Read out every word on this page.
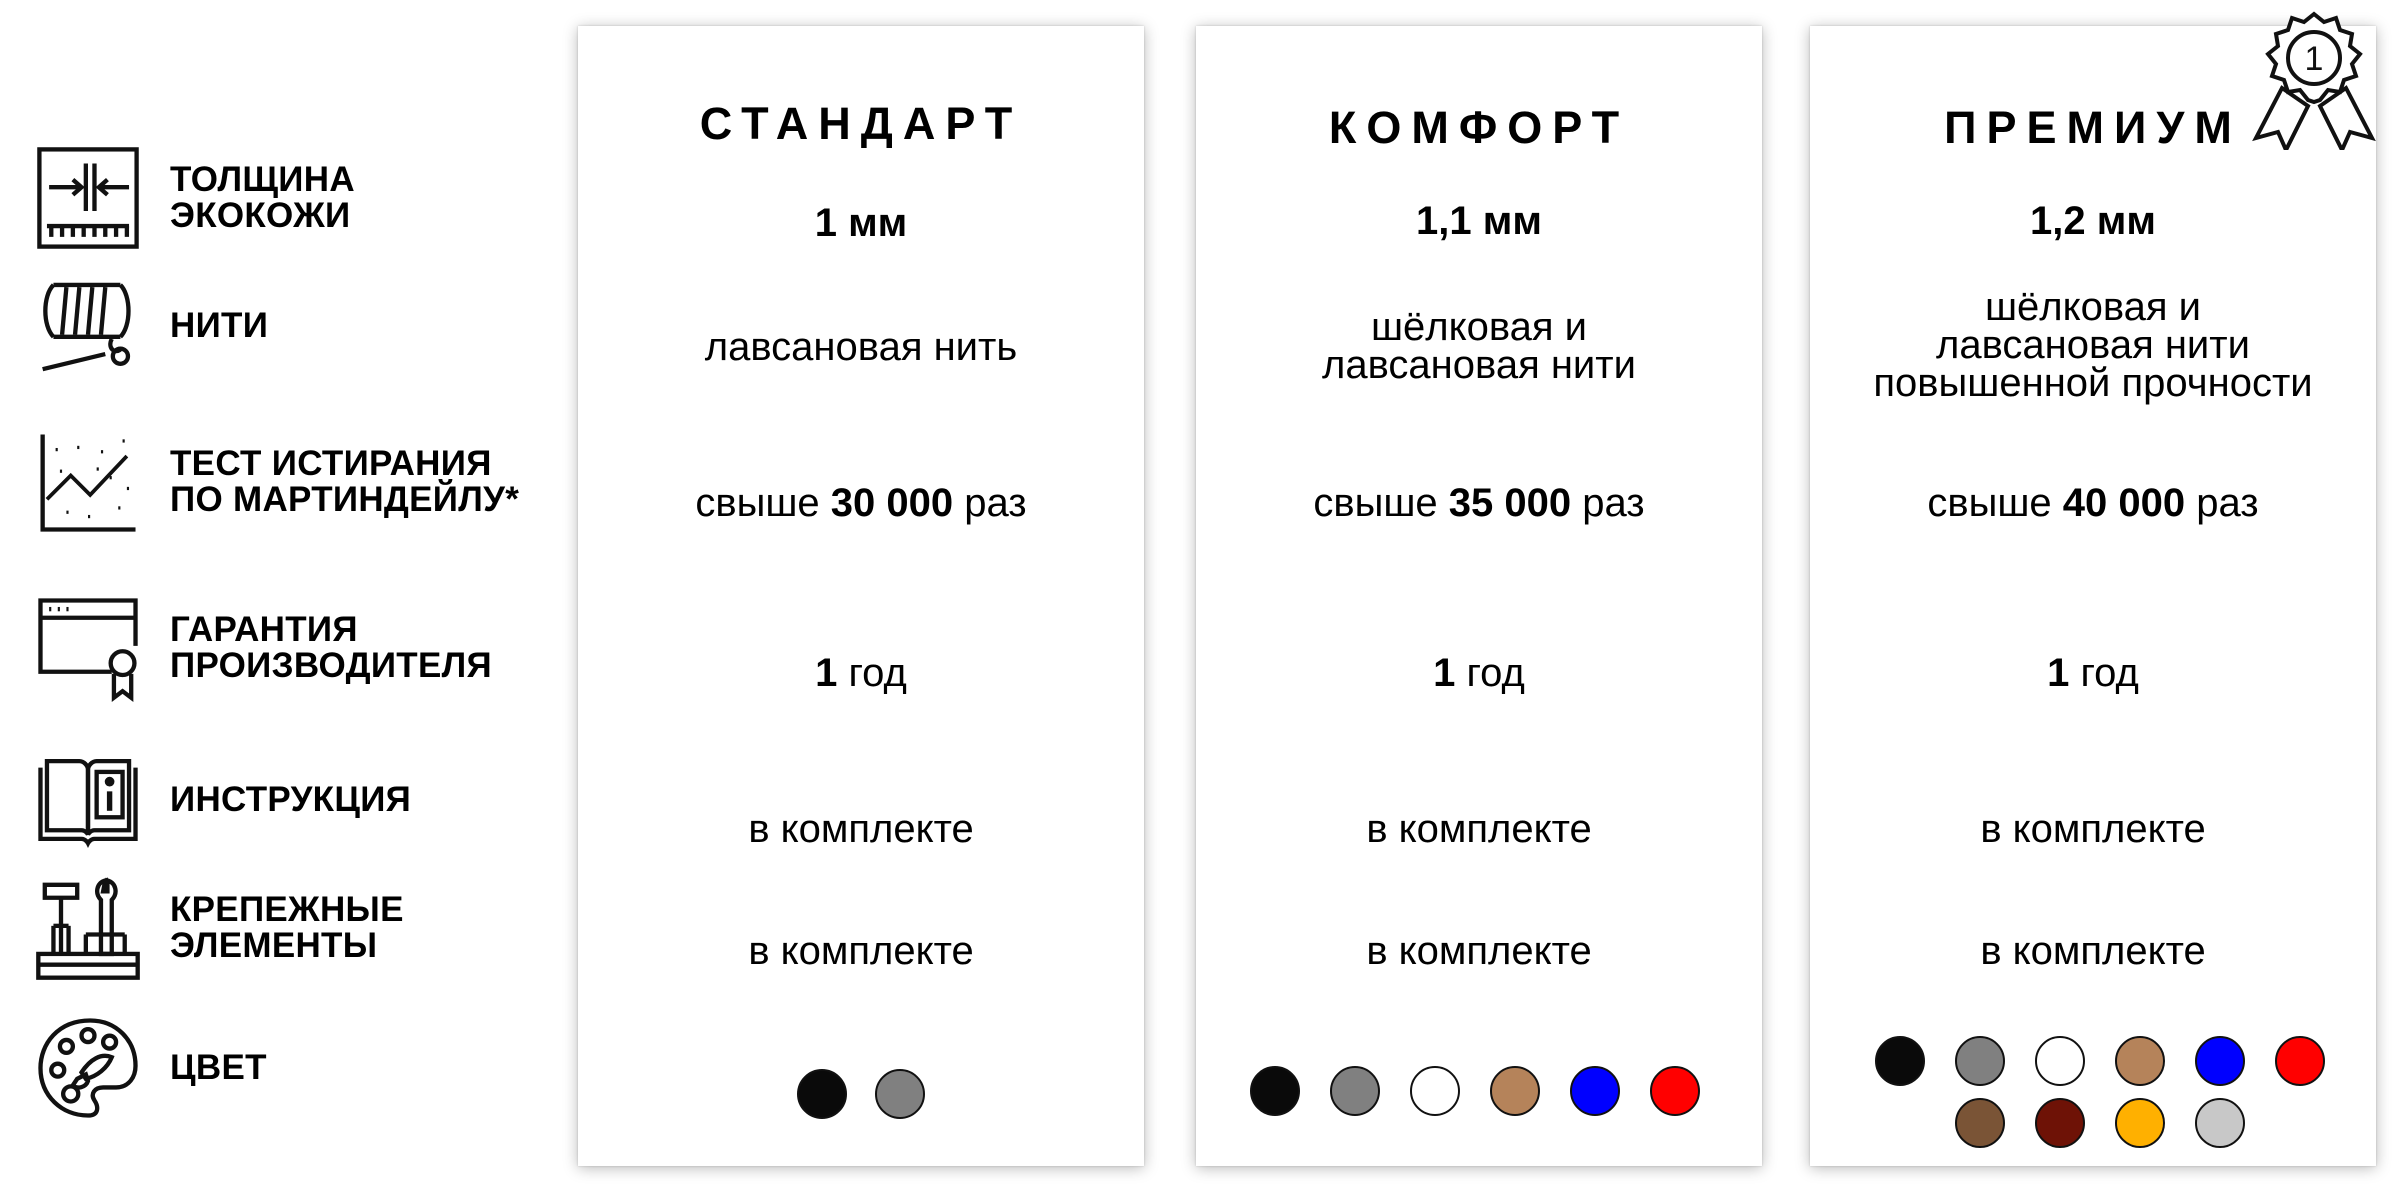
ТОЛЩИНА
ЭКОКОЖИ
НИТИ
ТЕСТ ИСТИРАНИЯ
ПО МАРТИНДЕЙЛУ*
ГАРАНТИЯ
ПРОИЗВОДИТЕЛЯ
ИНСТРУКЦИЯ
КРЕПЕЖНЫЕ
ЭЛЕМЕНТЫ
ЦВЕТ
СТАНДАРТ
1 мм
лавсановая нить
свыше 30 000 раз
1 год
в комплекте
в комплекте
КОМФОРТ
1,1 мм
шёлковая и
лавсановая нити
свыше 35 000 раз
1 год
в комплекте
в комплекте
ПРЕМИУМ
1,2 мм
шёлковая и
лавсановая нити
повышенной прочности
свыше 40 000 раз
1 год
в комплекте
в комплекте
1
